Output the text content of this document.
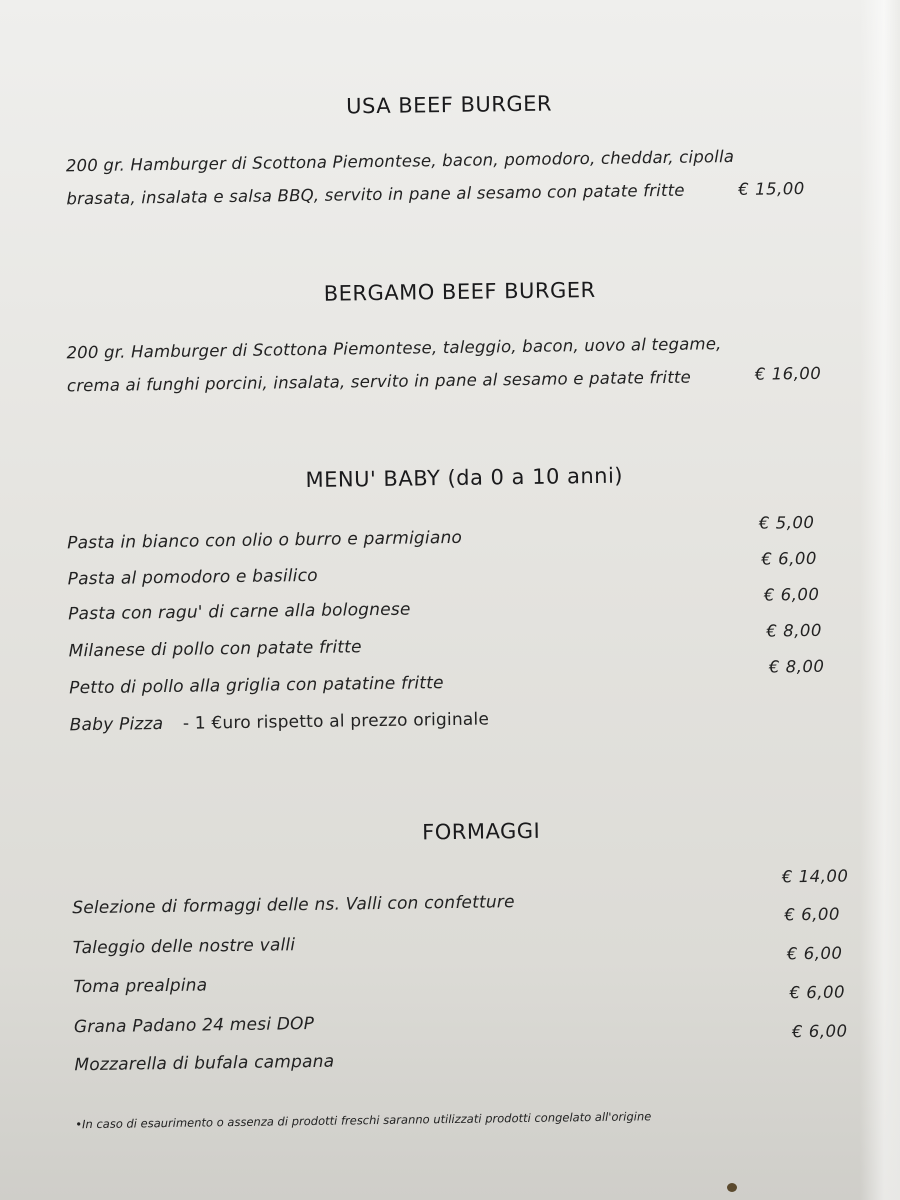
USA BEEF BURGER
200 gr. Hamburger di Scottona Piemontese, bacon, pomodoro, cheddar, cipolla
brasata, insalata e salsa BBQ, servito in pane al sesamo con patate fritte	€ 15,00
BERGAMO BEEF BURGER
200 gr. Hamburger di Scottona Piemontese, taleggio, bacon, uovo al tegame,
crema ai funghi porcini, insalata, servito in pane al sesamo e patate fritte	€ 16,00
MENU' BABY (da 0 a 10 anni)
Pasta in bianco con olio o burro e parmigiano
€ 5,00
Pasta al pomodoro e basilico
€ 6,00
Pasta con ragu' di carne alla bolognese
€ 6,00
Milanese di pollo con patate fritte
€ 8,00
Petto di pollo alla griglia con patatine fritte
€ 8,00
Baby Pizza - 1 €uro rispetto al prezzo originale
FORMAGGI
Selezione di formaggi delle ns. Valli con confetture
€ 14,00
Taleggio delle nostre valli
€ 6,00
Toma prealpina
€ 6,00
Grana Padano 24 mesi DOP
€ 6,00
Mozzarella di bufala campana
€ 6,00
•In caso di esaurimento o assenza di prodotti freschi saranno utilizzati prodotti congelato all'origine
